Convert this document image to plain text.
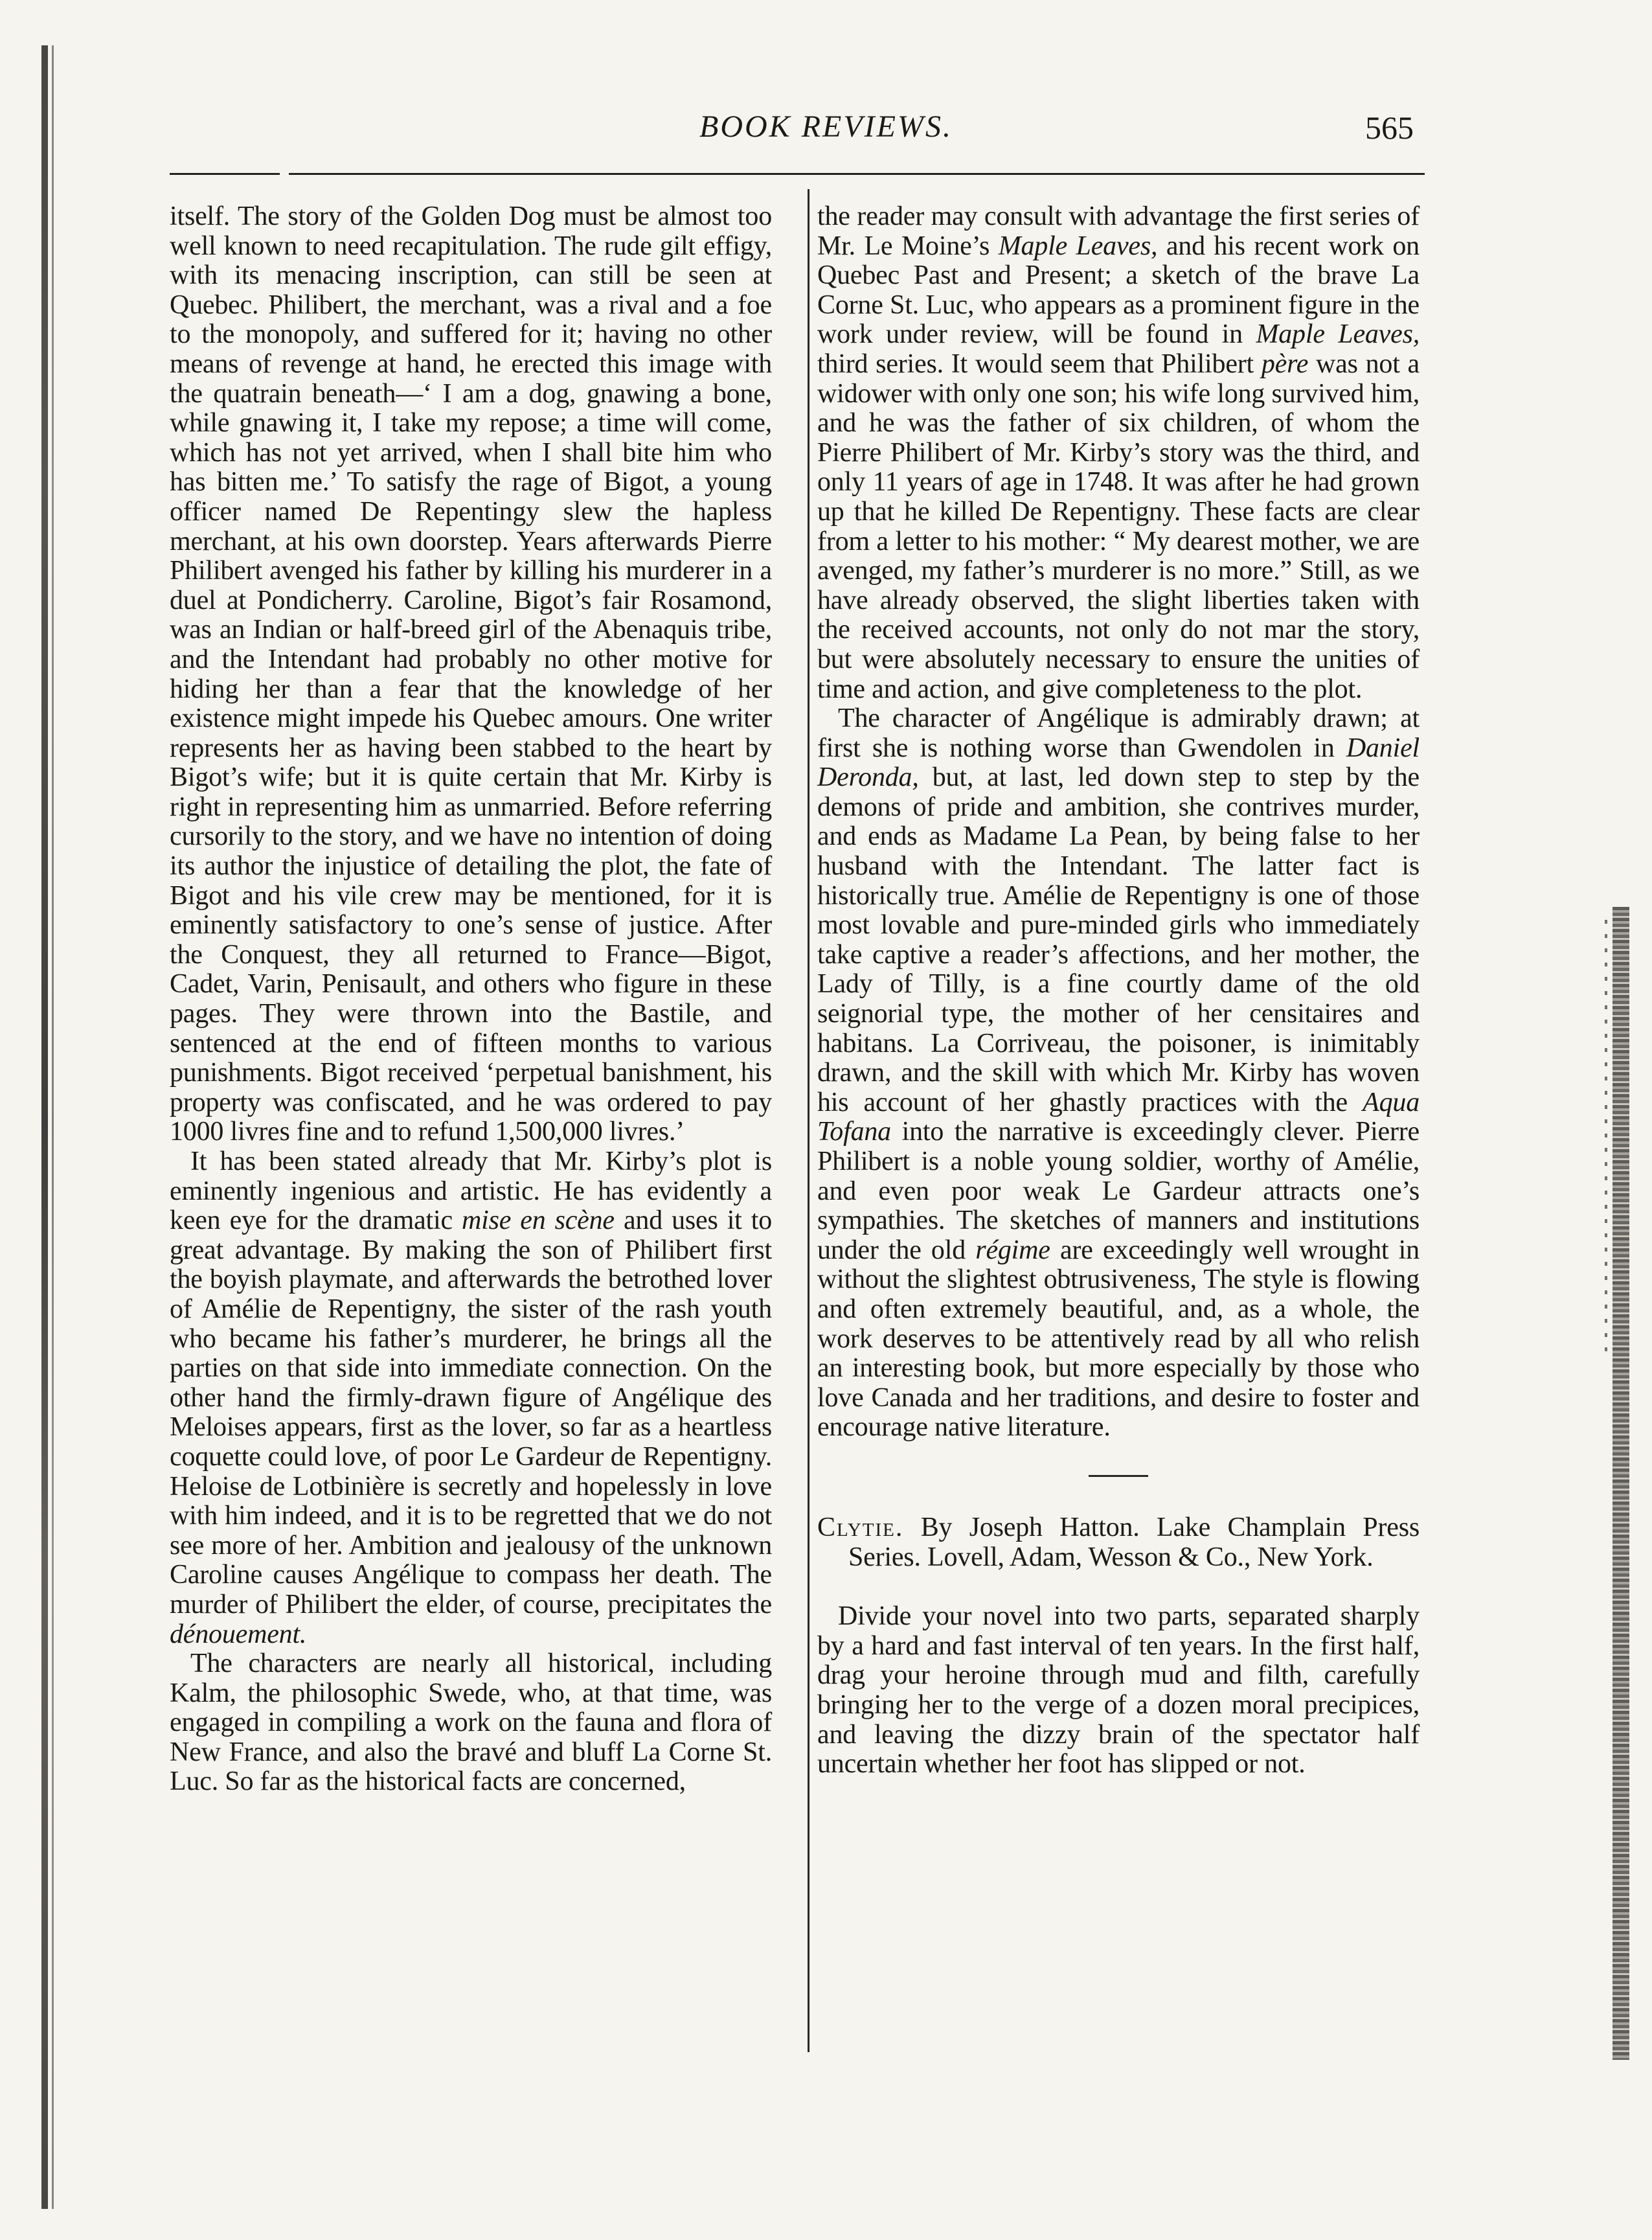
BOOK REVIEWS.	565

itself. The story of the Golden Dog must be almost too well known to need recapitulation. The rude gilt effigy, with its menacing inscription, can still be seen at Quebec. Philibert, the merchant, was a rival and a foe to the monopoly, and suffered for it; having no other means of revenge at hand, he erected this image with the quatrain beneath—‘ I am a dog, gnawing a bone, while gnawing it, I take my repose; a time will come, which has not yet arrived, when I shall bite him who has bitten me.’ To satisfy the rage of Bigot, a young officer named De Repentingy slew the hapless merchant, at his own doorstep. Years afterwards Pierre Philibert avenged his father by killing his murderer in a duel at Pondicherry. Caroline, Bigot’s fair Rosamond, was an Indian or half-breed girl of the Abenaquis tribe, and the Intendant had probably no other motive for hiding her than a fear that the knowledge of her existence might impede his Quebec amours. One writer represents her as having been stabbed to the heart by Bigot’s wife; but it is quite certain that Mr. Kirby is right in representing him as unmarried. Before referring cursorily to the story, and we have no intention of doing its author the injustice of detailing the plot, the fate of Bigot and his vile crew may be mentioned, for it is eminently satisfactory to one’s sense of justice. After the Conquest, they all returned to France—Bigot, Cadet, Varin, Penisault, and others who figure in these pages. They were thrown into the Bastile, and sentenced at the end of fifteen months to various punishments. Bigot received ‘perpetual banishment, his property was confiscated, and he was ordered to pay 1000 livres fine and to refund 1,500,000 livres.’

It has been stated already that Mr. Kirby’s plot is eminently ingenious and artistic. He has evidently a keen eye for the dramatic mise en scène and uses it to great advantage. By making the son of Philibert first the boyish playmate, and afterwards the betrothed lover of Amélie de Repentigny, the sister of the rash youth who became his father’s murderer, he brings all the parties on that side into immediate connection. On the other hand the firmly-drawn figure of Angélique des Meloises appears, first as the lover, so far as a heartless coquette could love, of poor Le Gardeur de Repentigny. Heloise de Lotbinière is secretly and hopelessly in love with him indeed, and it is to be regretted that we do not see more of her. Ambition and jealousy of the unknown Caroline causes Angélique to compass her death. The murder of Philibert the elder, of course, precipitates the dénouement.

The characters are nearly all historical, including Kalm, the philosophic Swede, who, at that time, was engaged in compiling a work on the fauna and flora of New France, and also the bravé and bluff La Corne St. Luc. So far as the historical facts are concerned,

the reader may consult with advantage the first series of Mr. Le Moine’s Maple Leaves, and his recent work on Quebec Past and Present; a sketch of the brave La Corne St. Luc, who appears as a prominent figure in the work under review, will be found in Maple Leaves, third series. It would seem that Philibert père was not a widower with only one son; his wife long survived him, and he was the father of six children, of whom the Pierre Philibert of Mr. Kirby’s story was the third, and only 11 years of age in 1748. It was after he had grown up that he killed De Repentigny. These facts are clear from a letter to his mother: “ My dearest mother, we are avenged, my father’s murderer is no more.” Still, as we have already observed, the slight liberties taken with the received accounts, not only do not mar the story, but were absolutely necessary to ensure the unities of time and action, and give completeness to the plot.

The character of Angélique is admirably drawn; at first she is nothing worse than Gwendolen in Daniel Deronda, but, at last, led down step to step by the demons of pride and ambition, she contrives murder, and ends as Madame La Pean, by being false to her husband with the Intendant. The latter fact is historically true. Amélie de Repentigny is one of those most lovable and pure-minded girls who immediately take captive a reader’s affections, and her mother, the Lady of Tilly, is a fine courtly dame of the old seignorial type, the mother of her censitaires and habitans. La Corriveau, the poisoner, is inimitably drawn, and the skill with which Mr. Kirby has woven his account of her ghastly practices with the Aqua Tofana into the narrative is exceedingly clever. Pierre Philibert is a noble young soldier, worthy of Amélie, and even poor weak Le Gardeur attracts one’s sympathies. The sketches of manners and institutions under the old régime are exceedingly well wrought in without the slightest obtrusiveness, The style is flowing and often extremely beautiful, and, as a whole, the work deserves to be attentively read by all who relish an interesting book, but more especially by those who love Canada and her traditions, and desire to foster and encourage native literature.

Clytie. By Joseph Hatton. Lake Champlain Press Series. Lovell, Adam, Wesson & Co., New York.

Divide your novel into two parts, separated sharply by a hard and fast interval of ten years. In the first half, drag your heroine through mud and filth, carefully bringing her to the verge of a dozen moral precipices, and leaving the dizzy brain of the spectator half uncertain whether her foot has slipped or not.
